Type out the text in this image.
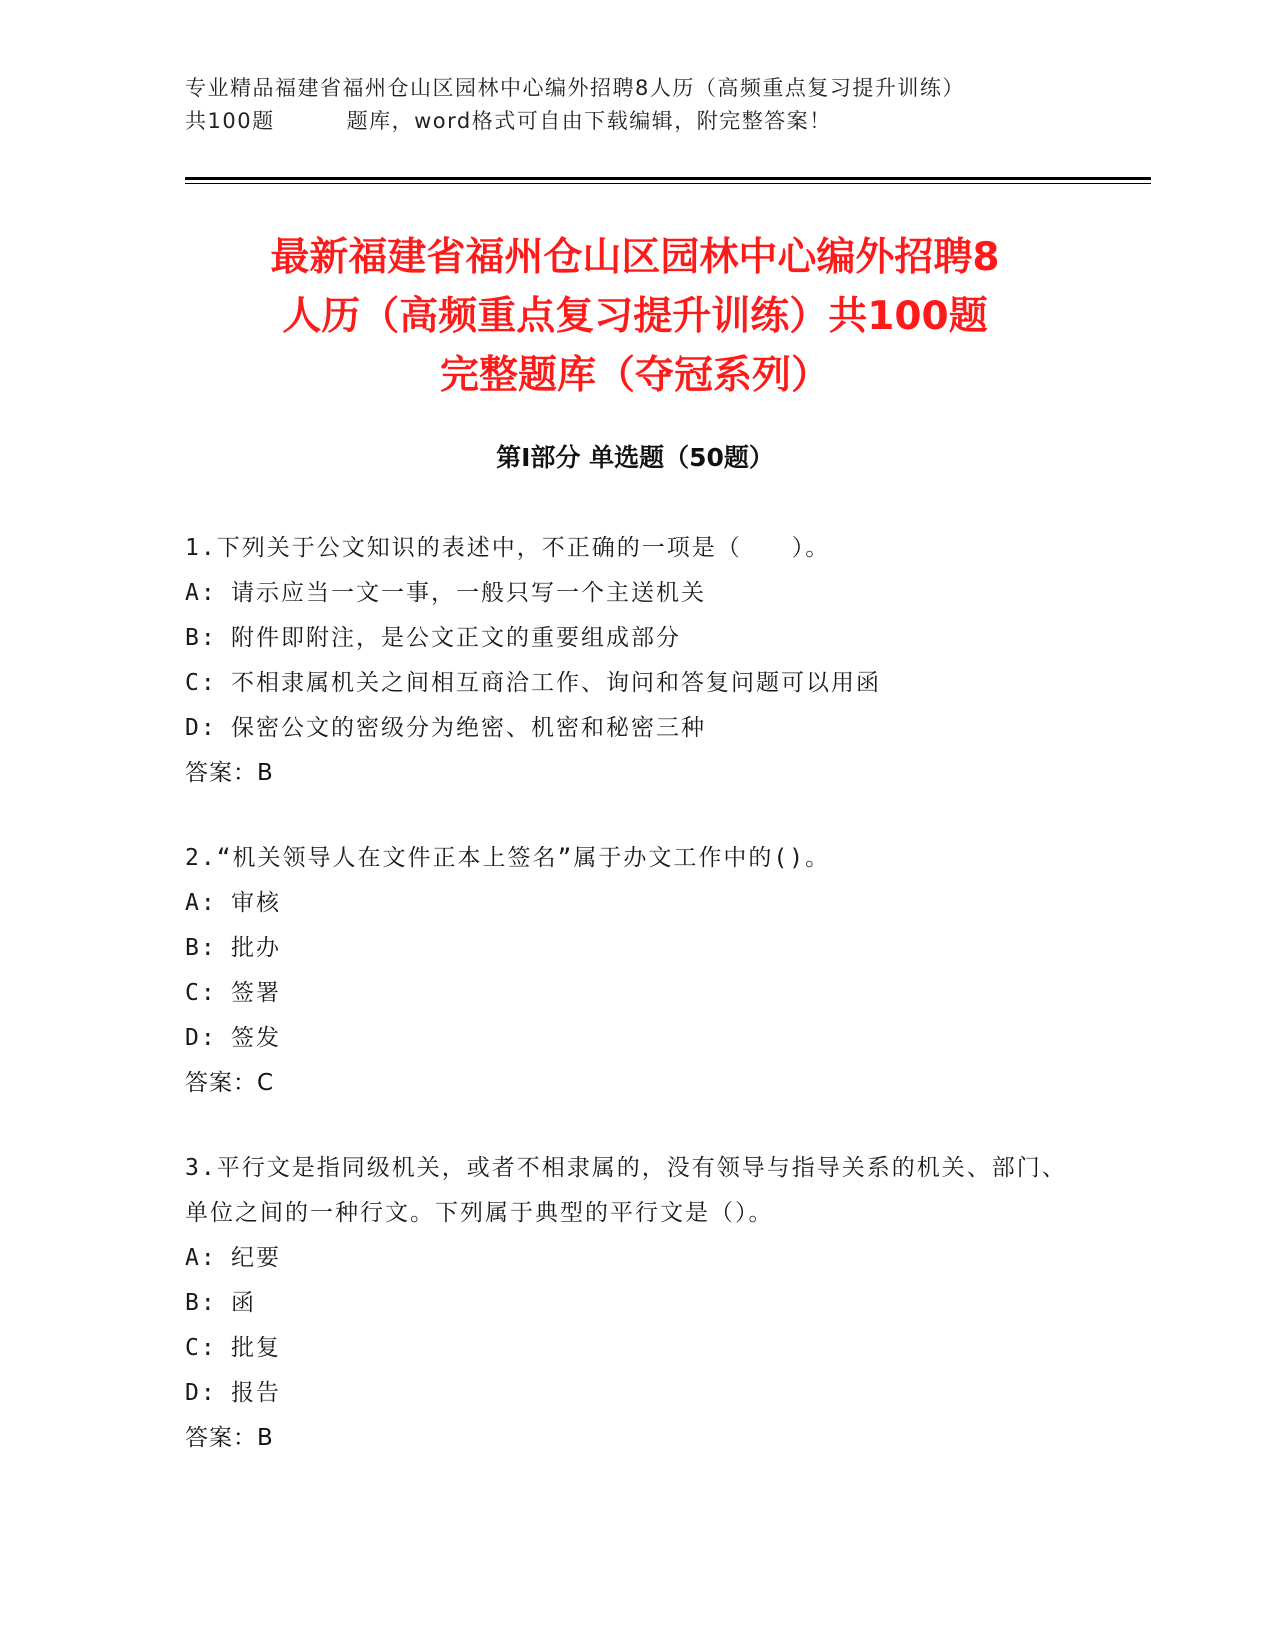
专业精品福建省福州仓山区园林中心编外招聘8人历（高频重点复习提升训练）
共100题	题库，word格式可自由下载编辑，附完整答案！
最新福建省福州仓山区园林中心编外招聘8
人历（高频重点复习提升训练）共100题
完整题库（夺冠系列）
第Ⅰ部分 单选题（50题）
1.下列关于公文知识的表述中，不正确的一项是（　　）。
A: 请示应当一文一事，一般只写一个主送机关
B: 附件即附注，是公文正文的重要组成部分
C: 不相隶属机关之间相互商洽工作、询问和答复问题可以用函
D: 保密公文的密级分为绝密、机密和秘密三种
答案：B
2.“机关领导人在文件正本上签名”属于办文工作中的()。
A: 审核
B: 批办
C: 签署
D: 签发
答案：C
3.平行文是指同级机关，或者不相隶属的，没有领导与指导关系的机关、部门、单位之间的一种行文。下列属于典型的平行文是（）。
A: 纪要
B: 函
C: 批复
D: 报告
答案：B
